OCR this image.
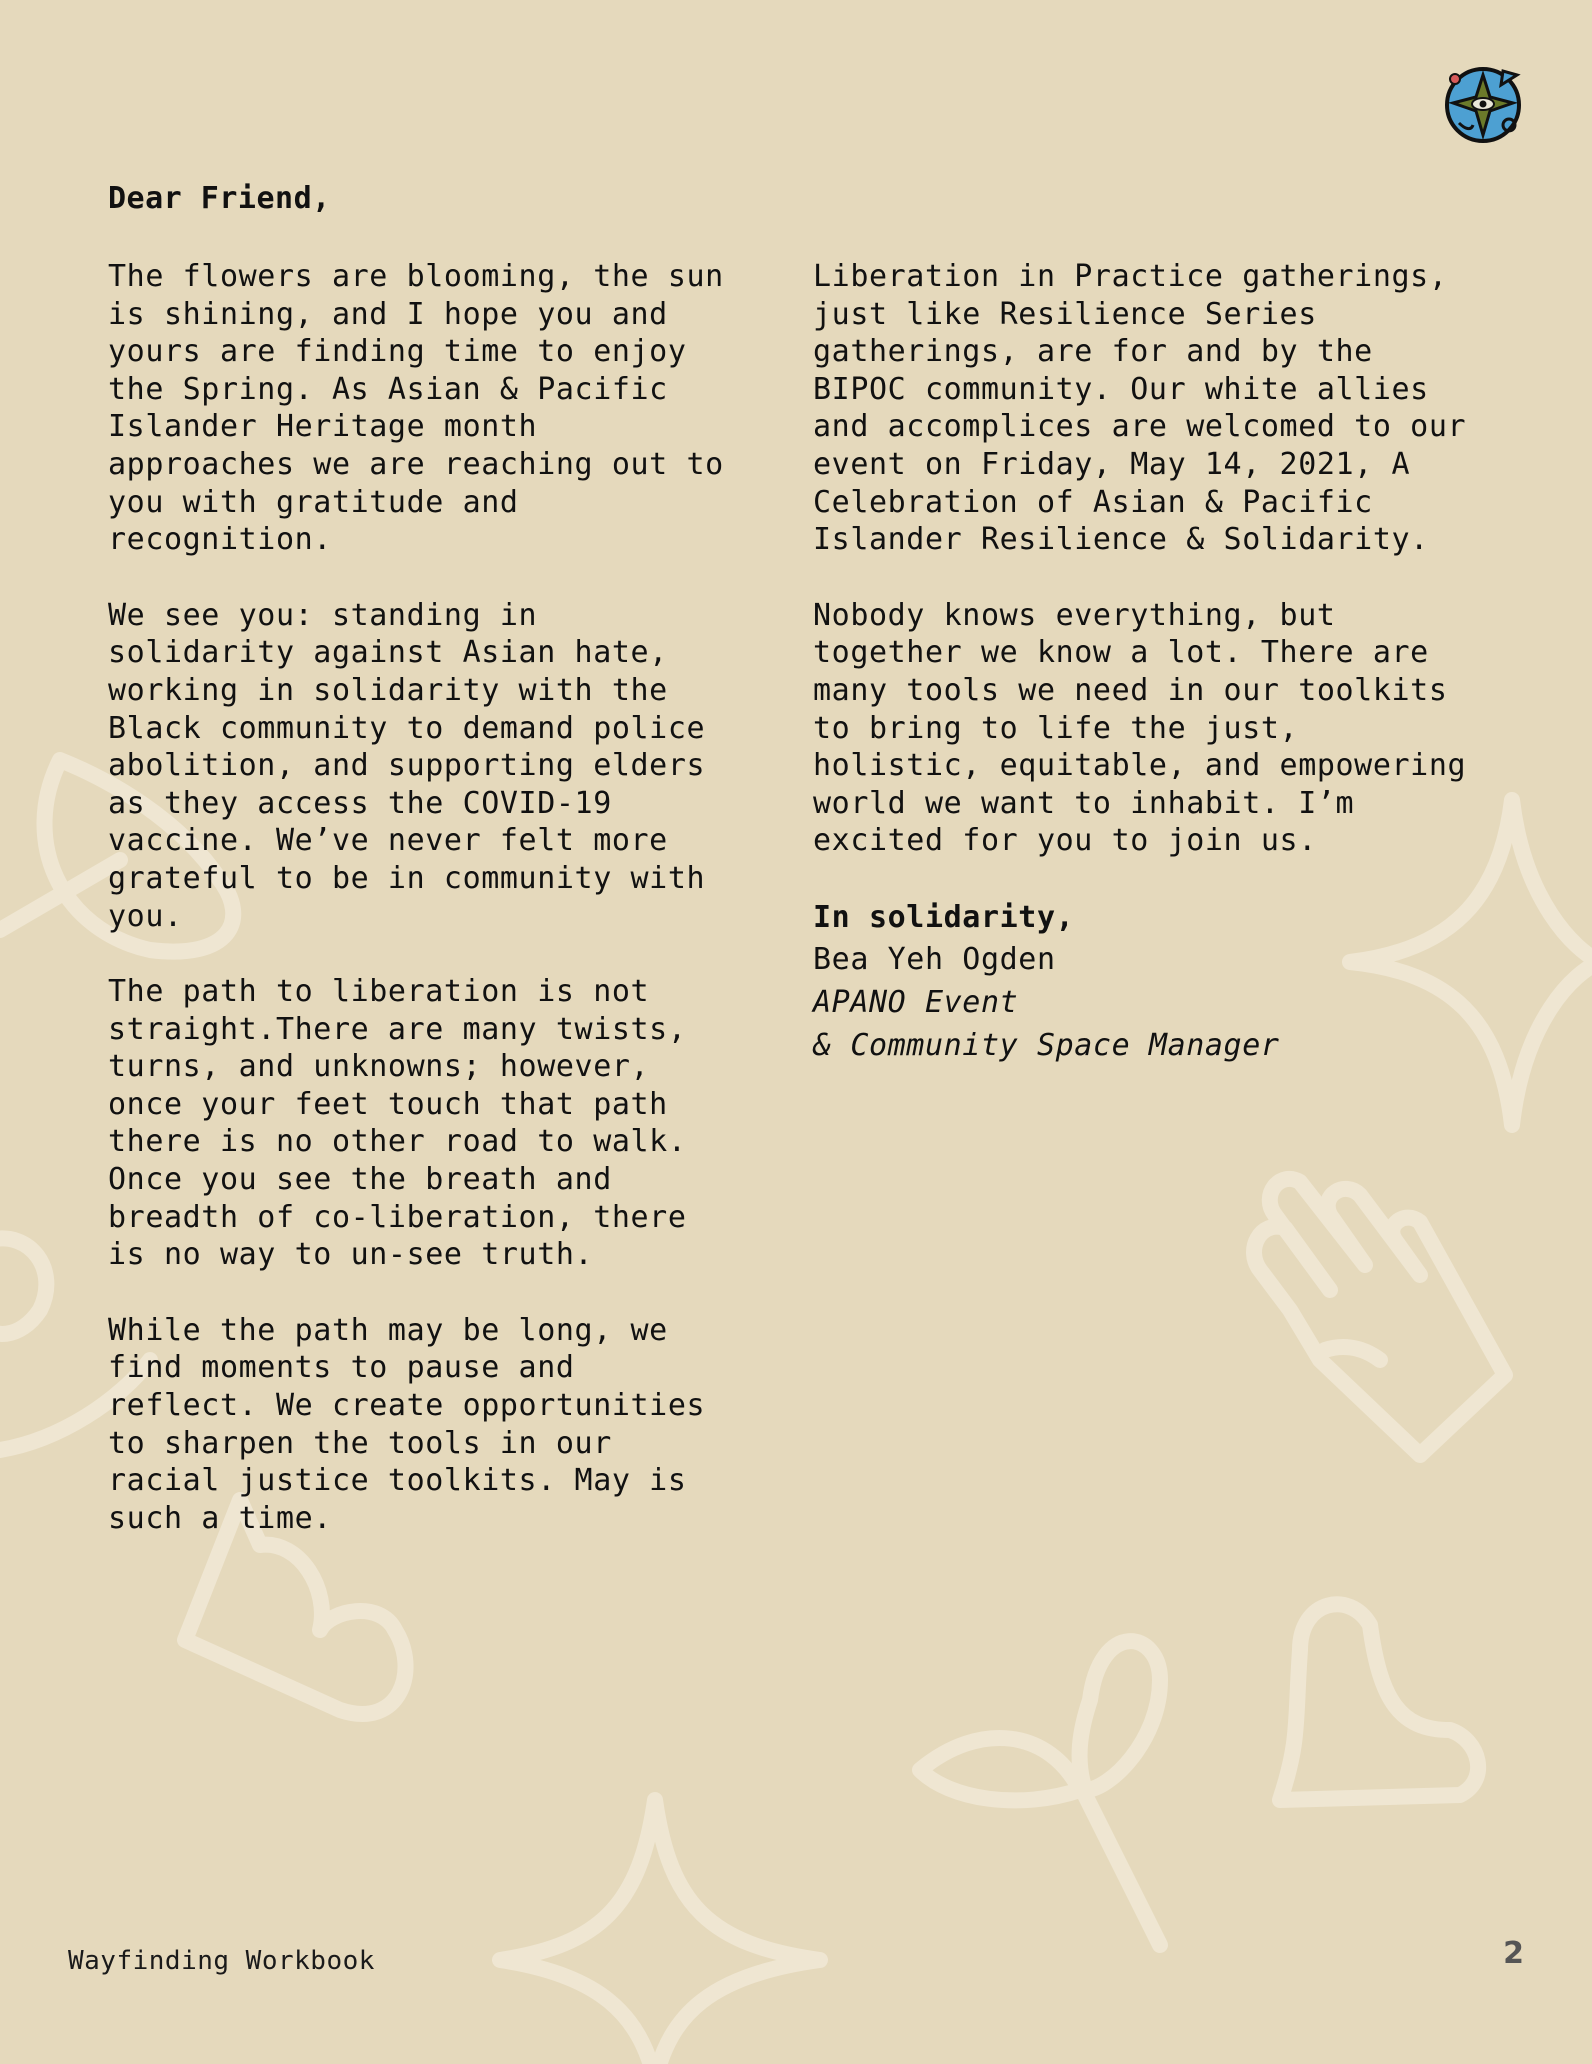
Dear Friend,

The flowers are blooming, the sun
is shining, and I hope you and
yours are finding time to enjoy
the Spring. As Asian & Pacific
Islander Heritage month
approaches we are reaching out to
you with gratitude and
recognition.

We see you: standing in
solidarity against Asian hate,
working in solidarity with the
Black community to demand police
abolition, and supporting elders
as they access the COVID-19
vaccine. We’ve never felt more
grateful to be in community with
you.

The path to liberation is not
straight.There are many twists,
turns, and unknowns; however,
once your feet touch that path
there is no other road to walk.
Once you see the breath and
breadth of co-liberation, there
is no way to un-see truth.

While the path may be long, we
find moments to pause and
reflect. We create opportunities
to sharpen the tools in our
racial justice toolkits. May is
such a time.

Liberation in Practice gatherings,
just like Resilience Series
gatherings, are for and by the
BIPOC community. Our white allies
and accomplices are welcomed to our
event on Friday, May 14, 2021, A
Celebration of Asian & Pacific
Islander Resilience & Solidarity.

Nobody knows everything, but
together we know a lot. There are
many tools we need in our toolkits
to bring to life the just,
holistic, equitable, and empowering
world we want to inhabit. I’m
excited for you to join us.

In solidarity,
Bea Yeh Ogden
APANO Event
& Community Space Manager
Wayfinding Workbook	2
